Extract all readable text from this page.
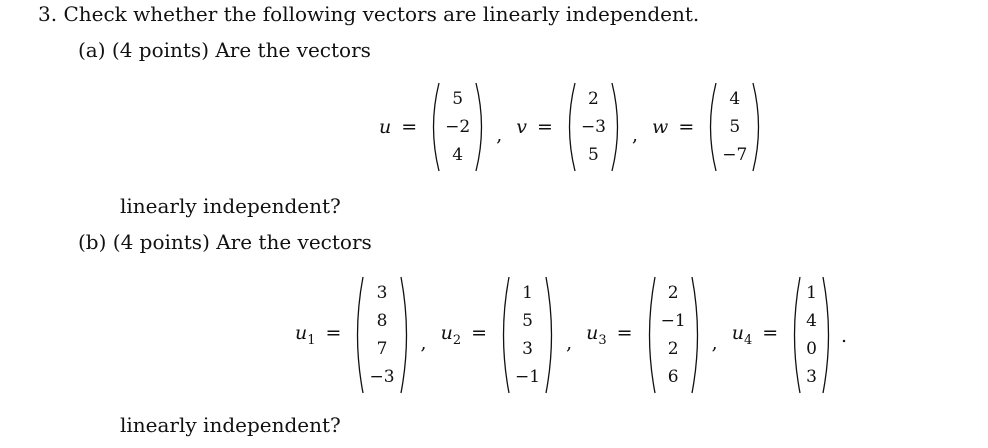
3. Check whether the following vectors are linearly independent.
(a) (4 points) Are the vectors
u =
5
−2
4
, v =
2
−3
5
, w =
4
5
−7
linearly independent?
(b) (4 points) Are the vectors
$u_1$ =
3
8
7
−3
, $u_2$ =
1
5
3
−1
, $u_3$ =
2
−1
2
6
, $u_4$ =
1
4
0
3
.
linearly independent?
